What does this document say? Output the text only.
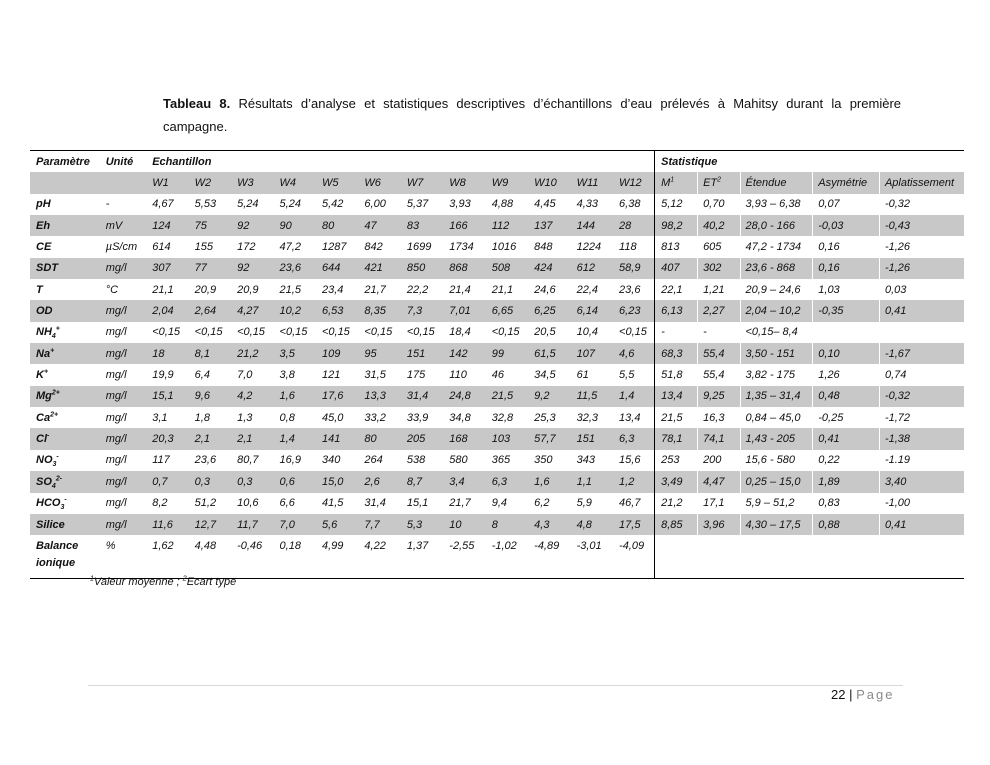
Tableau 8. Résultats d’analyse et statistiques descriptives d’échantillons d’eau prélevés à Mahitsy durant la première campagne.
Paramètre	Unité	Echantillon												Statistique				
		W1	W2	W3	W4	W5	W6	W7	W8	W9	W10	W11	W12	$M^1$	$ET^2$	Étendue	Asymétrie	Aplatissement
pH	-	4,67	5,53	5,24	5,24	5,42	6,00	5,37	3,93	4,88	4,45	4,33	6,38	5,12	0,70	3,93 – 6,38	0,07	-0,32
Eh	mV	124	75	92	90	80	47	83	166	112	137	144	28	98,2	40,2	28,0 - 166	-0,03	-0,43
CE	µS/cm	614	155	172	47,2	1287	842	1699	1734	1016	848	1224	118	813	605	47,2 - 1734	0,16	-1,26
SDT	mg/l	307	77	92	23,6	644	421	850	868	508	424	612	58,9	407	302	23,6 - 868	0,16	-1,26
T	°C	21,1	20,9	20,9	21,5	23,4	21,7	22,2	21,4	21,1	24,6	22,4	23,6	22,1	1,21	20,9 – 24,6	1,03	0,03
OD	mg/l	2,04	2,64	4,27	10,2	6,53	8,35	7,3	7,01	6,65	6,25	6,14	6,23	6,13	2,27	2,04 – 10,2	-0,35	0,41
$NH_4^+$	mg/l	<0,15	<0,15	<0,15	<0,15	<0,15	<0,15	<0,15	18,4	<0,15	20,5	10,4	<0,15	-	-	<0,15– 8,4		
Na+	mg/l	18	8,1	21,2	3,5	109	95	151	142	99	61,5	107	4,6	68,3	55,4	3,50 - 151	0,10	-1,67
K+	mg/l	19,9	6,4	7,0	3,8	121	31,5	175	110	46	34,5	61	5,5	51,8	55,4	3,82 - 175	1,26	0,74
$Mg^{2+}$	mg/l	15,1	9,6	4,2	1,6	17,6	13,3	31,4	24,8	21,5	9,2	11,5	1,4	13,4	9,25	1,35 – 31,4	0,48	-0,32
$Ca^{2+}$	mg/l	3,1	1,8	1,3	0,8	45,0	33,2	33,9	34,8	32,8	25,3	32,3	13,4	21,5	16,3	0,84 – 45,0	-0,25	-1,72
Cl-	mg/l	20,3	2,1	2,1	1,4	141	80	205	168	103	57,7	151	6,3	78,1	74,1	1,43 - 205	0,41	-1,38
$NO_3^-$	mg/l	117	23,6	80,7	16,9	340	264	538	580	365	350	343	15,6	253	200	15,6 - 580	0,22	-1.19
$SO_4^{2-}$	mg/l	0,7	0,3	0,3	0,6	15,0	2,6	8,7	3,4	6,3	1,6	1,1	1,2	3,49	4,47	0,25 – 15,0	1,89	3,40
$HCO_3^-$	mg/l	8,2	51,2	10,6	6,6	41,5	31,4	15,1	21,7	9,4	6,2	5,9	46,7	21,2	17,1	5,9 – 51,2	0,83	-1,00
Silice	mg/l	11,6	12,7	11,7	7,0	5,6	7,7	5,3	10	8	4,3	4,8	17,5	8,85	3,96	4,30 – 17,5	0,88	0,41
Balance ionique	%	1,62	4,48	-0,46	0,18	4,99	4,22	1,37	-2,55	-1,02	-4,89	-3,01	-4,09					
$^1$Valeur moyenne ; $^2$Ecart type
22 | Page
